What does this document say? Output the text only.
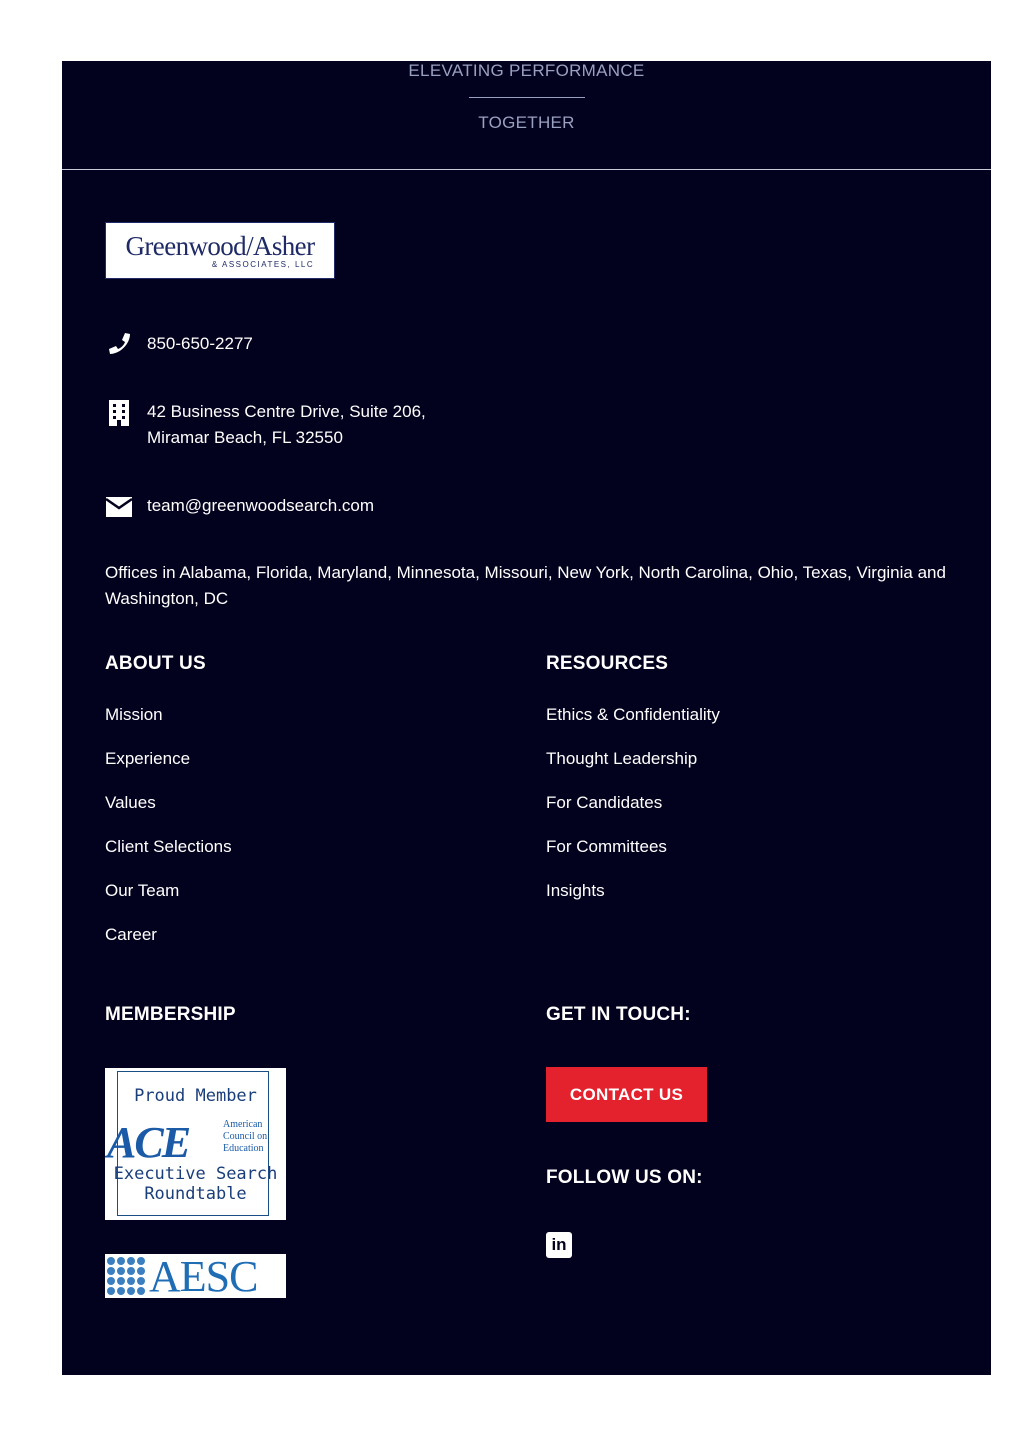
ELEVATING PERFORMANCE
TOGETHER
Greenwood/Asher
& ASSOCIATES, LLC
850-650-2277
42 Business Centre Drive, Suite 206,
Miramar Beach, FL 32550
team@greenwoodsearch.com
Offices in Alabama, Florida, Maryland, Minnesota, Missouri, New York, North Carolina, Ohio, Texas, Virginia and Washington, DC
ABOUT US
Mission
Experience
Values
Client Selections
Our Team
Career
RESOURCES
Ethics & Confidentiality
Thought Leadership
For Candidates
For Committees
Insights
MEMBERSHIP
Proud Member
ACE	American
Council on
Education
Executive Search
Roundtable
AESC
GET IN TOUCH:
CONTACT US
FOLLOW US ON:
in
